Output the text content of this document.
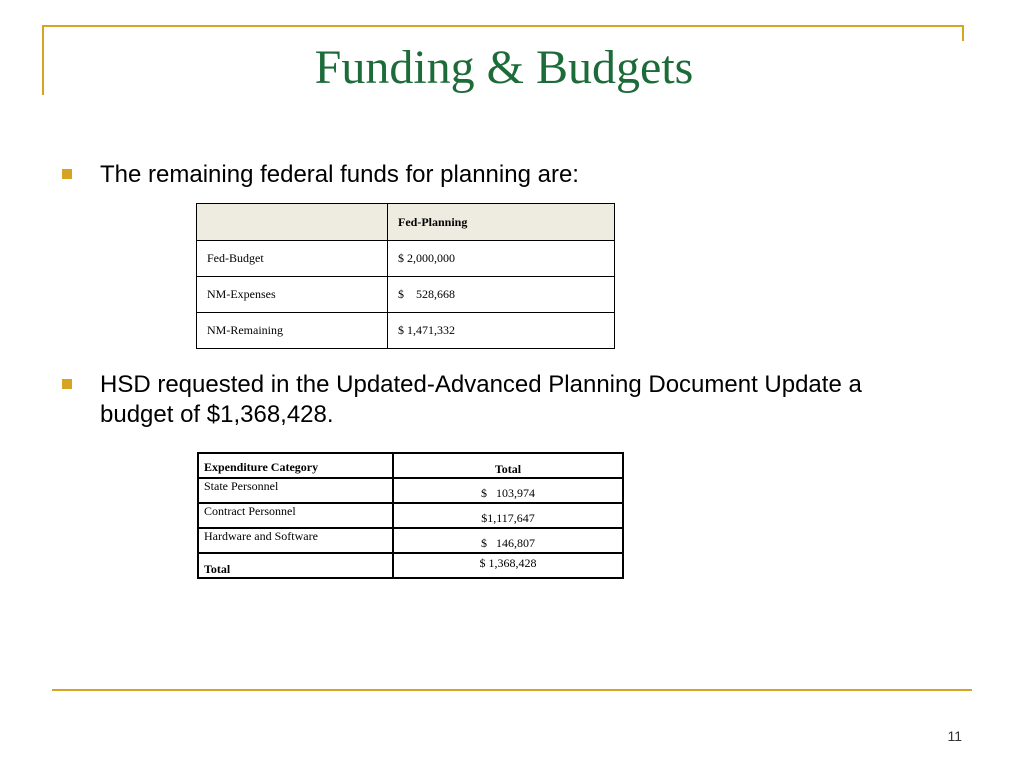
Funding & Budgets
The remaining federal funds for planning are:
	Fed-Planning
Fed-Budget	$ 2,000,000
NM-Expenses	$    528,668
NM-Remaining	$ 1,471,332
HSD requested in the Updated-Advanced Planning Document Update a budget of $1,368,428.
Expenditure Category	Total
State Personnel	$   103,974
Contract Personnel	$1,117,647
Hardware and Software	$   146,807
Total	$ 1,368,428
11
